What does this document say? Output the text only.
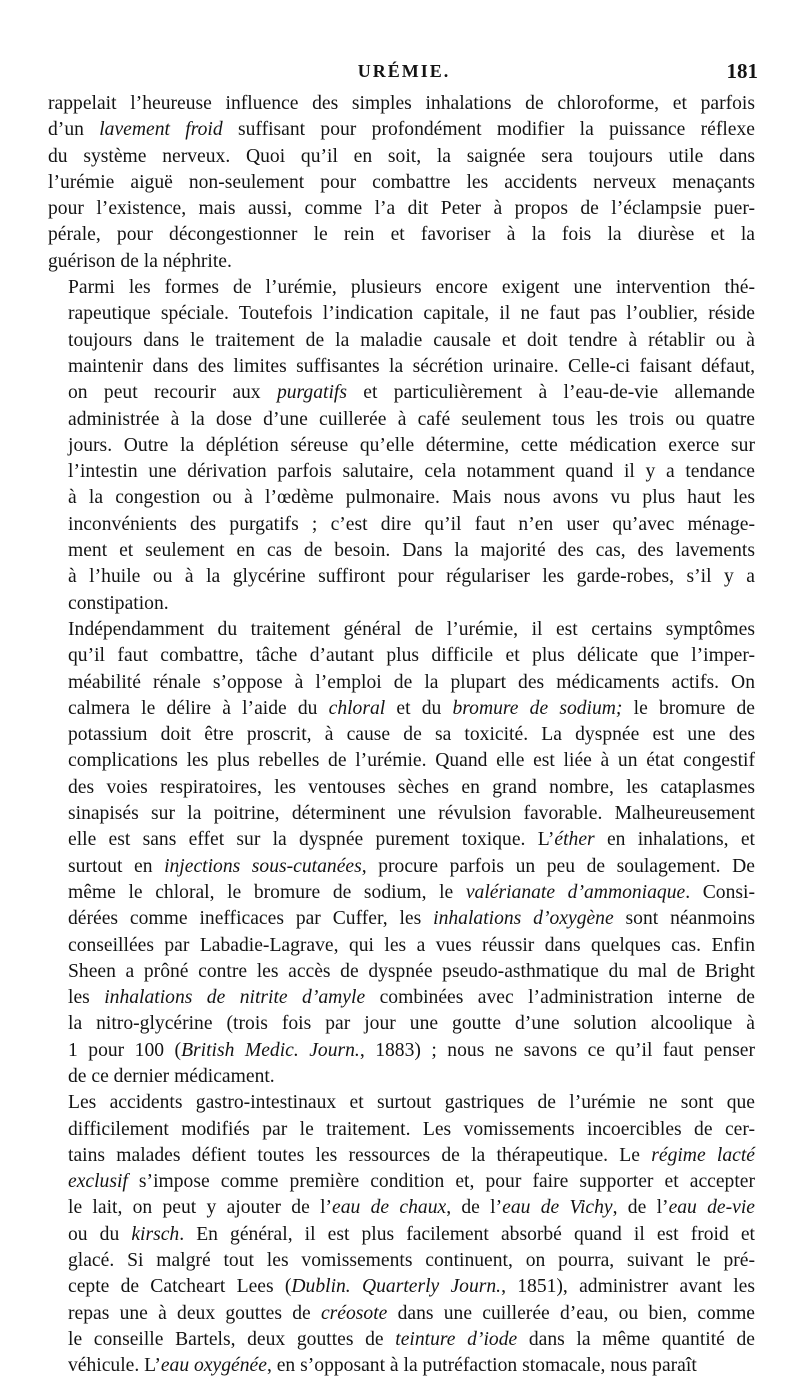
URÉMIE.	181
rappelait l’heureuse influence des simples inhalations de chloroforme, et parfois
d’un lavement froid suffisant pour profondément modifier la puissance réflexe
du système nerveux. Quoi qu’il en soit, la saignée sera toujours utile dans
l’urémie aiguë non-seulement pour combattre les accidents nerveux menaçants
pour l’existence, mais aussi, comme l’a dit Peter à propos de l’éclampsie puer-
pérale, pour décongestionner le rein et favoriser à la fois la diurèse et la
guérison de la néphrite.
Parmi les formes de l’urémie, plusieurs encore exigent une intervention thé-
rapeutique spéciale. Toutefois l’indication capitale, il ne faut pas l’oublier, réside
toujours dans le traitement de la maladie causale et doit tendre à rétablir ou à
maintenir dans des limites suffisantes la sécrétion urinaire. Celle-ci faisant défaut,
on peut recourir aux purgatifs et particulièrement à l’eau-de-vie allemande
administrée à la dose d’une cuillerée à café seulement tous les trois ou quatre
jours. Outre la déplétion séreuse qu’elle détermine, cette médication exerce sur
l’intestin une dérivation parfois salutaire, cela notamment quand il y a tendance
à la congestion ou à l’œdème pulmonaire. Mais nous avons vu plus haut les
inconvénients des purgatifs ; c’est dire qu’il faut n’en user qu’avec ménage-
ment et seulement en cas de besoin. Dans la majorité des cas, des lavements
à l’huile ou à la glycérine suffiront pour régulariser les garde-robes, s’il y a
constipation.
Indépendamment du traitement général de l’urémie, il est certains symptômes
qu’il faut combattre, tâche d’autant plus difficile et plus délicate que l’imper-
méabilité rénale s’oppose à l’emploi de la plupart des médicaments actifs. On
calmera le délire à l’aide du chloral et du bromure de sodium; le bromure de
potassium doit être proscrit, à cause de sa toxicité. La dyspnée est une des
complications les plus rebelles de l’urémie. Quand elle est liée à un état congestif
des voies respiratoires, les ventouses sèches en grand nombre, les cataplasmes
sinapisés sur la poitrine, déterminent une révulsion favorable. Malheureusement
elle est sans effet sur la dyspnée purement toxique. L’éther en inhalations, et
surtout en injections sous-cutanées, procure parfois un peu de soulagement. De
même le chloral, le bromure de sodium, le valérianate d’ammoniaque. Consi-
dérées comme inefficaces par Cuffer, les inhalations d’oxygène sont néanmoins
conseillées par Labadie-Lagrave, qui les a vues réussir dans quelques cas. Enfin
Sheen a prôné contre les accès de dyspnée pseudo-asthmatique du mal de Bright
les inhalations de nitrite d’amyle combinées avec l’administration interne de
la nitro-glycérine (trois fois par jour une goutte d’une solution alcoolique à
1 pour 100 (British Medic. Journ., 1883) ; nous ne savons ce qu’il faut penser
de ce dernier médicament.
Les accidents gastro-intestinaux et surtout gastriques de l’urémie ne sont que
difficilement modifiés par le traitement. Les vomissements incoercibles de cer-
tains malades défient toutes les ressources de la thérapeutique. Le régime lacté
exclusif s’impose comme première condition et, pour faire supporter et accepter
le lait, on peut y ajouter de l’eau de chaux, de l’eau de Vichy, de l’eau de-vie
ou du kirsch. En général, il est plus facilement absorbé quand il est froid et
glacé. Si malgré tout les vomissements continuent, on pourra, suivant le pré-
cepte de Catcheart Lees (Dublin. Quarterly Journ., 1851), administrer avant les
repas une à deux gouttes de créosote dans une cuillerée d’eau, ou bien, comme
le conseille Bartels, deux gouttes de teinture d’iode dans la même quantité de
véhicule. L’eau oxygénée, en s’opposant à la putréfaction stomacale, nous paraît
